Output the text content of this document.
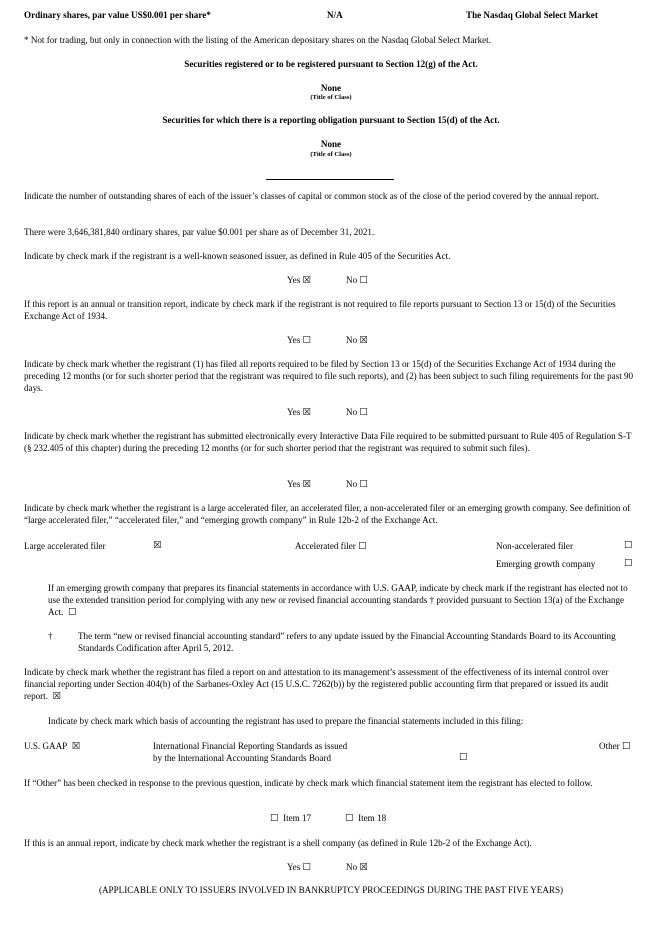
Ordinary shares, par value US$0.001 per share*	N/A	The Nasdaq Global Select Market
* Not for trading, but only in connection with the listing of the American depositary shares on the Nasdaq Global Select Market.
Securities registered or to be registered pursuant to Section 12(g) of the Act.
None
(Title of Class)
Securities for which there is a reporting obligation pursuant to Section 15(d) of the Act.
None
(Title of Class)
Indicate the number of outstanding shares of each of the issuer’s classes of capital or common stock as of the close of the period covered by the annual report.
There were 3,646,381,840 ordinary shares, par value $0.001 per share as of December 31, 2021.
Indicate by check mark if the registrant is a well-known seasoned issuer, as defined in Rule 405 of the Securities Act.
Yes ☒	No ☐
If this report is an annual or transition report, indicate by check mark if the registrant is not required to file reports pursuant to Section 13 or 15(d) of the Securities Exchange Act of 1934.
Yes ☐	No ☒
Indicate by check mark whether the registrant (1) has filed all reports required to be filed by Section 13 or 15(d) of the Securities Exchange Act of 1934 during the preceding 12 months (or for such shorter period that the registrant was required to file such reports), and (2) has been subject to such filing requirements for the past 90 days.
Yes ☒	No ☐
Indicate by check mark whether the registrant has submitted electronically every Interactive Data File required to be submitted pursuant to Rule 405 of Regulation S-T (§ 232.405 of this chapter) during the preceding 12 months (or for such shorter period that the registrant was required to submit such files).
Yes ☒	No ☐
Indicate by check mark whether the registrant is a large accelerated filer, an accelerated filer, a non-accelerated filer or an emerging growth company. See definition of “large accelerated filer,” “accelerated filer,” and “emerging growth company” in Rule 12b-2 of the Exchange Act.
Large accelerated filer	☒	Accelerated filer ☐	Non-accelerated filer	☐
Emerging growth company	☐
If an emerging growth company that prepares its financial statements in accordance with U.S. GAAP, indicate by check mark if the registrant has elected not to use the extended transition period for complying with any new or revised financial accounting standards † provided pursuant to Section 13(a) of the Exchange Act. ☐
†	The term “new or revised financial accounting standard” refers to any update issued by the Financial Accounting Standards Board to its Accounting Standards Codification after April 5, 2012.
Indicate by check mark whether the registrant has filed a report on and attestation to its management’s assessment of the effectiveness of its internal control over financial reporting under Section 404(b) of the Sarbanes-Oxley Act (15 U.S.C. 7262(b)) by the registered public accounting firm that prepared or issued its audit report. ☒
Indicate by check mark which basis of accounting the registrant has used to prepare the financial statements included in this filing:
U.S. GAAP ☒	International Financial Reporting Standards as issued
by the International Accounting Standards Board	☐
Other ☐
If “Other” has been checked in response to the previous question, indicate by check mark which financial statement item the registrant has elected to follow.
☐ Item 17	☐ Item 18
If this is an annual report, indicate by check mark whether the registrant is a shell company (as defined in Rule 12b-2 of the Exchange Act).
Yes ☐	No ☒
(APPLICABLE ONLY TO ISSUERS INVOLVED IN BANKRUPTCY PROCEEDINGS DURING THE PAST FIVE YEARS)
